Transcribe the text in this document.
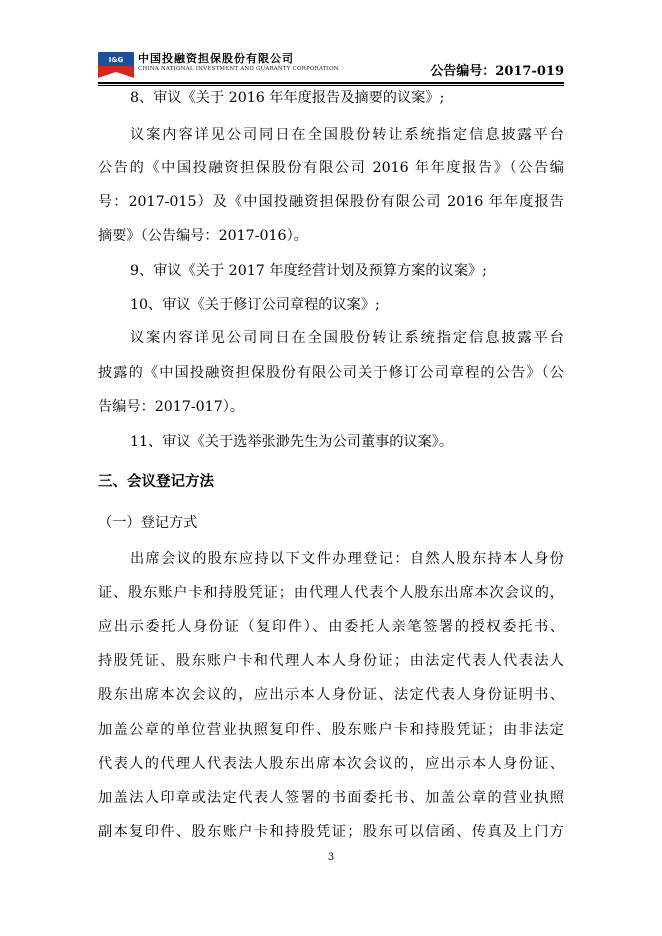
I&G 中国投融资担保股份有限公司
CHINA NATIONAL INVESTMENT AND GUARANTY CORPORATION	公告编号：2017-019
8、审议《关于 2016 年年度报告及摘要的议案》;
议案内容详见公司同日在全国股份转让系统指定信息披露平台
公告的《中国投融资担保股份有限公司 2016 年年度报告》（公告编
号：2017-015）及《中国投融资担保股份有限公司 2016 年年度报告
摘要》（公告编号：2017-016）。
9、审议《关于 2017 年度经营计划及预算方案的议案》;
10、审议《关于修订公司章程的议案》;
议案内容详见公司同日在全国股份转让系统指定信息披露平台
披露的《中国投融资担保股份有限公司关于修订公司章程的公告》（公
告编号：2017-017）。
11、审议《关于选举张渺先生为公司董事的议案》。
三、会议登记方法
（一）登记方式
出席会议的股东应持以下文件办理登记：自然人股东持本人身份
证、股东账户卡和持股凭证；由代理人代表个人股东出席本次会议的，
应出示委托人身份证（复印件）、由委托人亲笔签署的授权委托书、
持股凭证、股东账户卡和代理人本人身份证；由法定代表人代表法人
股东出席本次会议的，应出示本人身份证、法定代表人身份证明书、
加盖公章的单位营业执照复印件、股东账户卡和持股凭证；由非法定
代表人的代理人代表法人股东出席本次会议的，应出示本人身份证、
加盖法人印章或法定代表人签署的书面委托书、加盖公章的营业执照
副本复印件、股东账户卡和持股凭证；股东可以信函、传真及上门方
3
